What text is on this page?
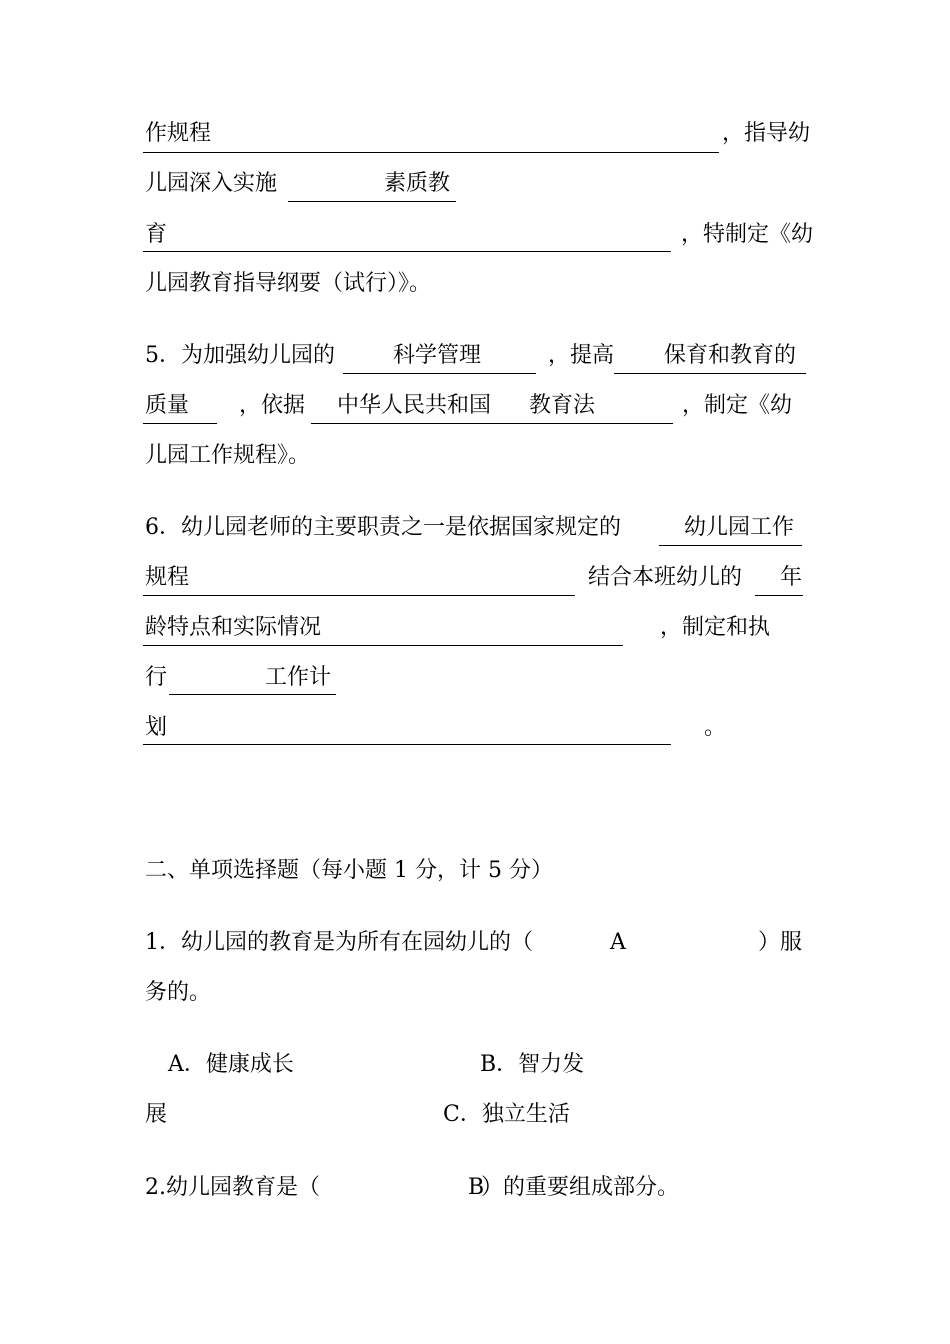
作规程	，指导幼
儿园深入实施	素质教
育	，特制定《幼
儿园教育指导纲要（试行）》。
5．为加强幼儿园的	科学管理	，提高 保育和教育的
质量 ，依据 中华人民共和国 教育法	，制定《幼
儿园工作规程》。
6．幼儿园老师的主要职责之一是依据国家规定的	幼儿园工作
规程	结合本班幼儿的 年
龄特点和实际情况	，制定和执
行	工作计
划	。
二、单项选择题（每小题 1 分，计 5 分）
1．幼儿园的教育是为所有在园幼儿的（	A	）服
务的。
A．健康成长	B．智力发
展	C．独立生活
2.幼儿园教育是（	B
）的重要组成部分。
